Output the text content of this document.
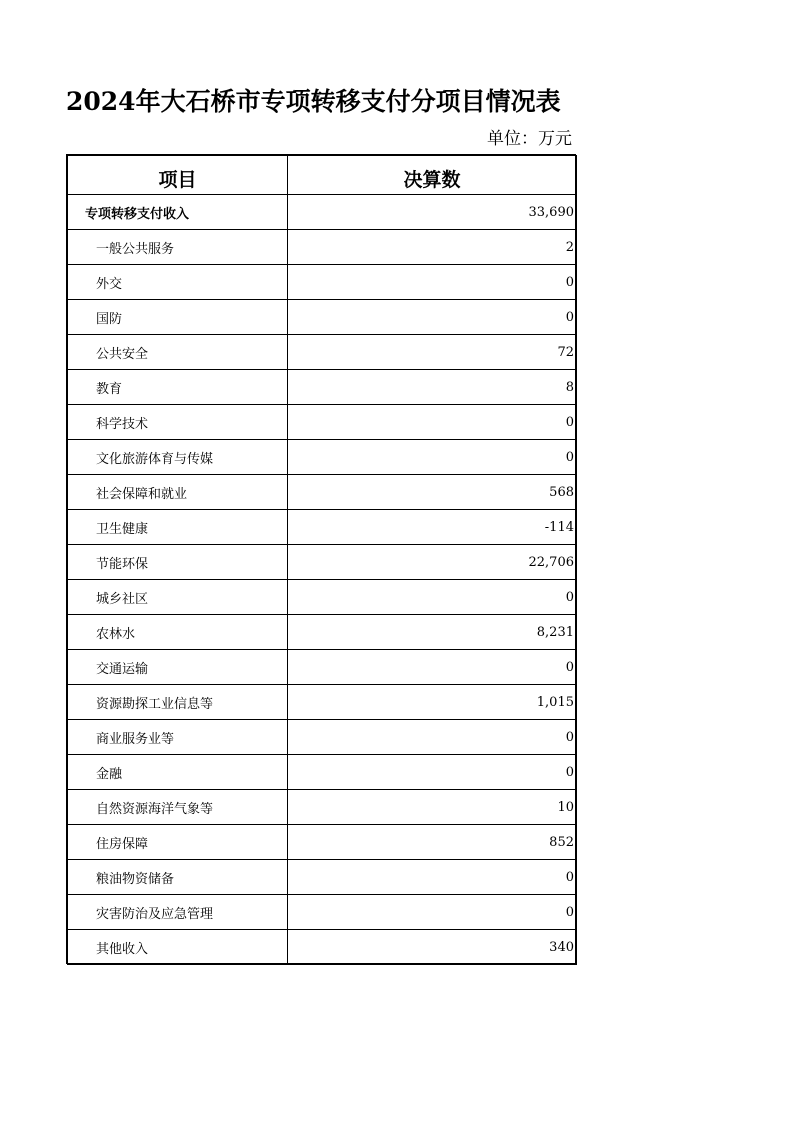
2024年大石桥市专项转移支付分项目情况表
单位：万元
项目	决算数
专项转移支付收入	33,690
一般公共服务	2
外交	0
国防	0
公共安全	72
教育	8
科学技术	0
文化旅游体育与传媒	0
社会保障和就业	568
卫生健康	-114
节能环保	22,706
城乡社区	0
农林水	8,231
交通运输	0
资源勘探工业信息等	1,015
商业服务业等	0
金融	0
自然资源海洋气象等	10
住房保障	852
粮油物资储备	0
灾害防治及应急管理	0
其他收入	340
